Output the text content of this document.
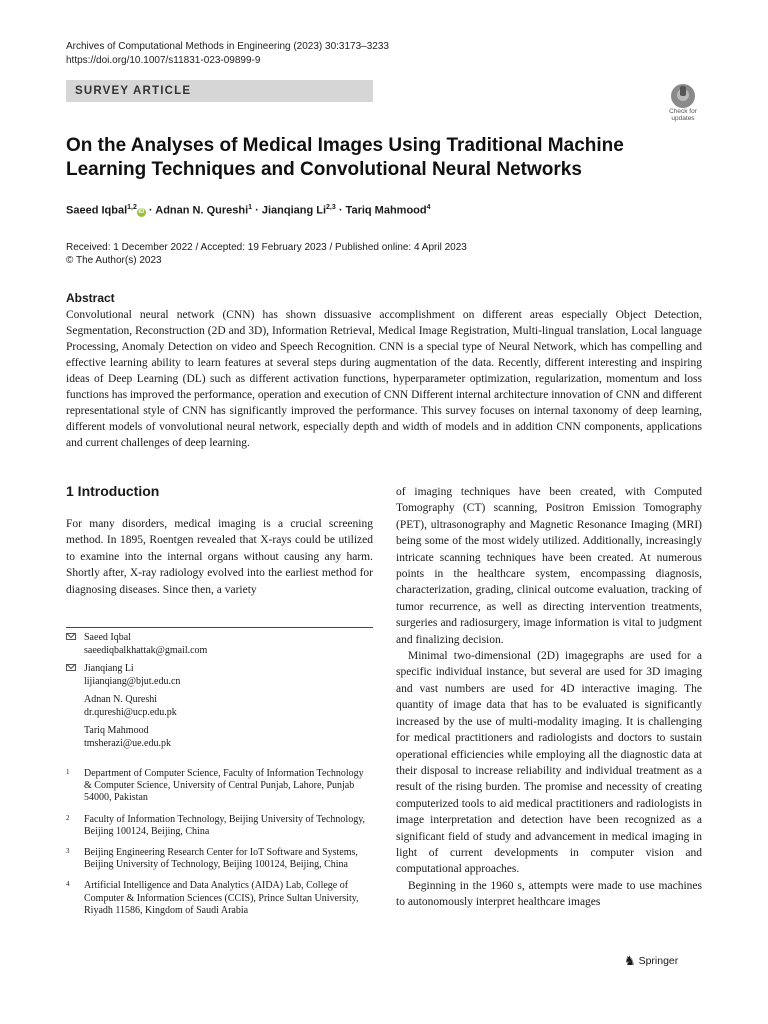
Archives of Computational Methods in Engineering (2023) 30:3173–3233
https://doi.org/10.1007/s11831-023-09899-9
SURVEY ARTICLE
Check for
updates
On the Analyses of Medical Images Using Traditional Machine Learning Techniques and Convolutional Neural Networks
Saeed Iqbal$^{1,2}$iD · Adnan N. Qureshi$^1$ · Jianqiang Li$^{2,3}$ · Tariq Mahmood$^4$
Received: 1 December 2022 / Accepted: 19 February 2023 / Published online: 4 April 2023
© The Author(s) 2023
Abstract

Convolutional neural network (CNN) has shown dissuasive accomplishment on different areas especially Object Detection, Segmentation, Reconstruction (2D and 3D), Information Retrieval, Medical Image Registration, Multi-lingual translation, Local language Processing, Anomaly Detection on video and Speech Recognition. CNN is a special type of Neural Network, which has compelling and effective learning ability to learn features at several steps during augmentation of the data. Recently, different interesting and inspiring ideas of Deep Learning (DL) such as different activation functions, hyperparameter optimization, regularization, momentum and loss functions has improved the performance, operation and execution of CNN Different internal architecture innovation of CNN and different representational style of CNN has significantly improved the performance. This survey focuses on internal taxonomy of deep learning, different models of vonvolutional neural network, especially depth and width of models and in addition CNN components, applications and current challenges of deep learning.

1 Introduction

For many disorders, medical imaging is a crucial screening method. In 1895, Roentgen revealed that X-rays could be utilized to examine into the internal organs without causing any harm. Shortly after, X-ray radiology evolved into the earliest method for diagnosing diseases. Since then, a variety

of imaging techniques have been created, with Computed Tomography (CT) scanning, Positron Emission Tomography (PET), ultrasonography and Magnetic Resonance Imaging (MRI) being some of the most widely utilized. Additionally, increasingly intricate scanning techniques have been created. At numerous points in the healthcare system, encompassing diagnosis, characterization, grading, clinical outcome evaluation, tracking of tumor recurrence, as well as directing intervention treatments, surgeries and radiosurgery, image information is vital to judgment and finalizing decision.

Minimal two-dimensional (2D) imagegraphs are used for a specific individual instance, but several are used for 3D imaging and vast numbers are used for 4D interactive imaging. The quantity of image data that has to be evaluated is significantly increased by the use of multi-modality imaging. It is challenging for medical practitioners and radiologists and doctors to sustain operational efficiencies while employing all the diagnostic data at their disposal to increase reliability and individual treatment as a result of the rising burden. The promise and necessity of creating computerized tools to aid medical practitioners and radiologists in image interpretation and detection have been recognized as a significant field of study and advancement in medical imaging in light of current developments in computer vision and computational approaches.

Beginning in the 1960 s, attempts were made to use machines to autonomously interpret healthcare images

Saeed Iqbal
saeediqbalkhattak@gmail.com
Jianqiang Li
lijianqiang@bjut.edu.cn
Adnan N. Qureshi
dr.qureshi@ucp.edu.pk
Tariq Mahmood
tmsherazi@ue.edu.pk
1 Department of Computer Science, Faculty of Information Technology & Computer Science, University of Central Punjab, Lahore, Punjab 54000, Pakistan
2 Faculty of Information Technology, Beijing University of Technology, Beijing 100124, Beijing, China
3 Beijing Engineering Research Center for IoT Software and Systems, Beijing University of Technology, Beijing 100124, Beijing, China
4 Artificial Intelligence and Data Analytics (AIDA) Lab, College of Computer & Information Sciences (CCIS), Prince Sultan University, Riyadh 11586, Kingdom of Saudi Arabia
♞ Springer
